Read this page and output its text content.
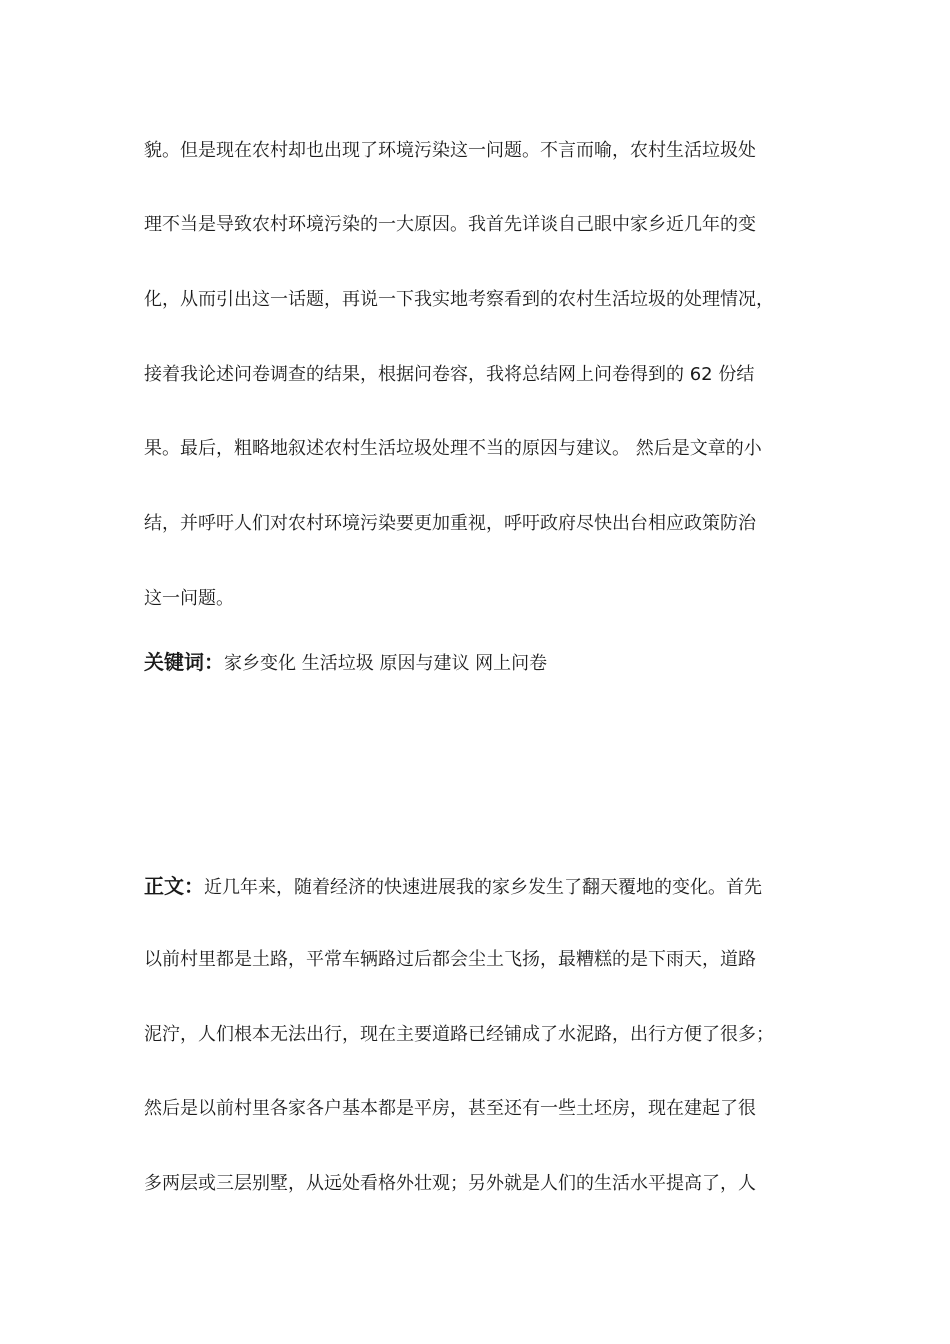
貌。但是现在农村却也出现了环境污染这一问题。不言而喻，农村生活垃圾处
理不当是导致农村环境污染的一大原因。我首先详谈自己眼中家乡近几年的变
化，从而引出这一话题，再说一下我实地考察看到的农村生活垃圾的处理情况，
接着我论述问卷调查的结果，根据问卷容，我将总结网上问卷得到的 62 份结
果。最后，粗略地叙述农村生活垃圾处理不当的原因与建议。 然后是文章的小
结，并呼吁人们对农村环境污染要更加重视，呼吁政府尽快出台相应政策防治
这一问题。
关键词：家乡变化 生活垃圾 原因与建议 网上问卷
正文：近几年来，随着经济的快速进展我的家乡发生了翻天覆地的变化。首先
以前村里都是土路，平常车辆路过后都会尘土飞扬，最糟糕的是下雨天，道路
泥泞，人们根本无法出行，现在主要道路已经铺成了水泥路，出行方便了很多；
然后是以前村里各家各户基本都是平房，甚至还有一些土坯房，现在建起了很
多两层或三层别墅，从远处看格外壮观；另外就是人们的生活水平提高了，人
